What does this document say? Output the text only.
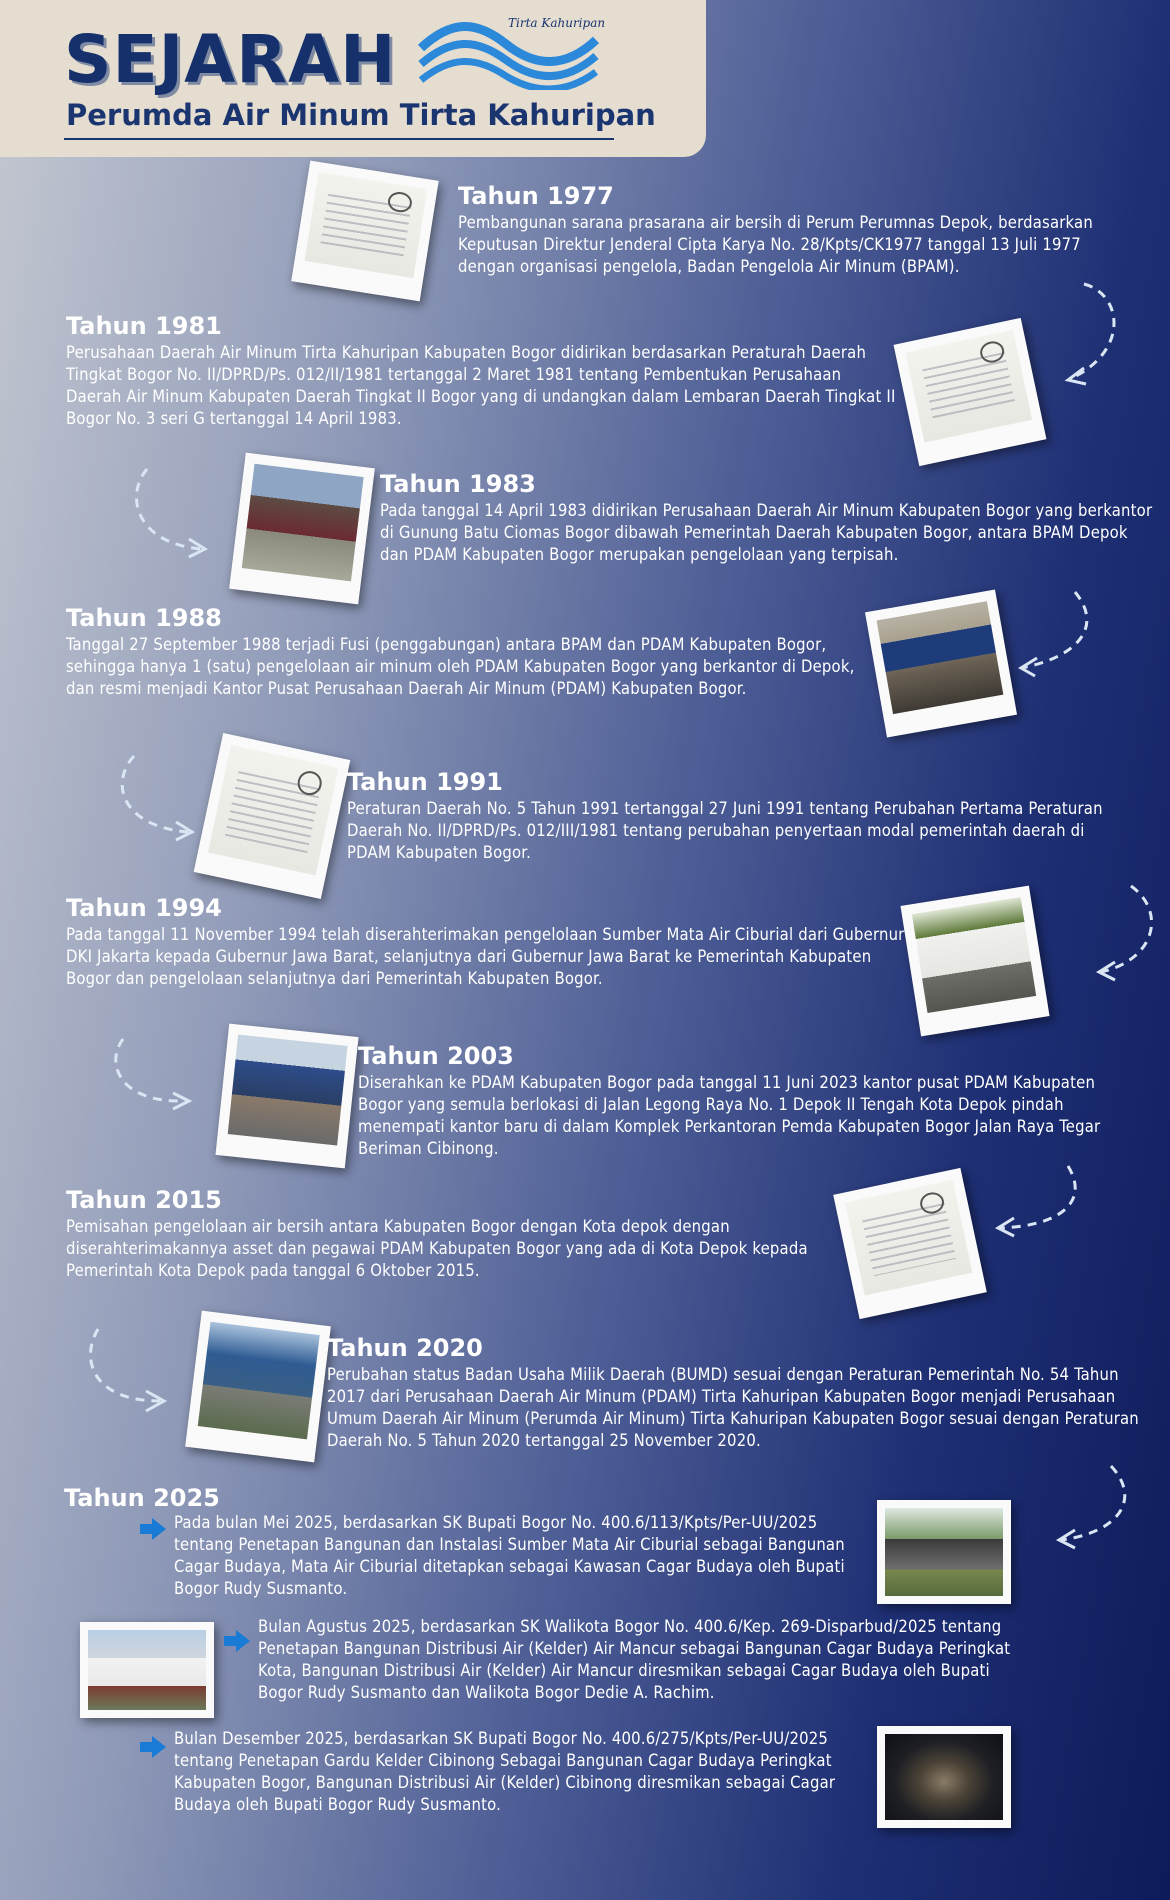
SEJARAH	Tirta Kahuripan
Perumda Air Minum Tirta Kahuripan
Tahun 1977

Pembangunan sarana prasarana air bersih di Perum Perumnas Depok, berdasarkan Keputusan Direktur Jenderal Cipta Karya No. 28/Kpts/CK1977 tanggal 13 Juli 1977 dengan organisasi pengelola, Badan Pengelola Air Minum (BPAM).

Tahun 1981

Perusahaan Daerah Air Minum Tirta Kahuripan Kabupaten Bogor didirikan berdasarkan Peraturah Daerah Tingkat Bogor No. II/DPRD/Ps. 012/II/1981 tertanggal 2 Maret 1981 tentang Pembentukan Perusahaan Daerah Air Minum Kabupaten Daerah Tingkat II Bogor yang di undangkan dalam Lembaran Daerah Tingkat II Bogor No. 3 seri G tertanggal 14 April 1983.

Tahun 1983

Pada tanggal 14 April 1983 didirikan Perusahaan Daerah Air Minum Kabupaten Bogor yang berkantor di Gunung Batu Ciomas Bogor dibawah Pemerintah Daerah Kabupaten Bogor, antara BPAM Depok dan PDAM Kabupaten Bogor merupakan pengelolaan yang terpisah.

Tahun 1988

Tanggal 27 September 1988 terjadi Fusi (penggabungan) antara BPAM dan PDAM Kabupaten Bogor, sehingga hanya 1 (satu) pengelolaan air minum oleh PDAM Kabupaten Bogor yang berkantor di Depok, dan resmi menjadi Kantor Pusat Perusahaan Daerah Air Minum (PDAM) Kabupaten Bogor.

Tahun 1991

Peraturan Daerah No. 5 Tahun 1991 tertanggal 27 Juni 1991 tentang Perubahan Pertama Peraturan Daerah No. II/DPRD/Ps. 012/III/1981 tentang perubahan penyertaan modal pemerintah daerah di PDAM Kabupaten Bogor.

Tahun 1994

Pada tanggal 11 November 1994 telah diserahterimakan pengelolaan Sumber Mata Air Ciburial dari Gubernur DKI Jakarta kepada Gubernur Jawa Barat, selanjutnya dari Gubernur Jawa Barat ke Pemerintah Kabupaten Bogor dan pengelolaan selanjutnya dari Pemerintah Kabupaten Bogor.

Tahun 2003

Diserahkan ke PDAM Kabupaten Bogor pada tanggal 11 Juni 2023 kantor pusat PDAM Kabupaten Bogor yang semula berlokasi di Jalan Legong Raya No. 1 Depok II Tengah Kota Depok pindah menempati kantor baru di dalam Komplek Perkantoran Pemda Kabupaten Bogor Jalan Raya Tegar Beriman Cibinong.

Tahun 2015

Pemisahan pengelolaan air bersih antara Kabupaten Bogor dengan Kota depok dengan diserahterimakannya asset dan pegawai PDAM Kabupaten Bogor yang ada di Kota Depok kepada Pemerintah Kota Depok pada tanggal 6 Oktober 2015.

Tahun 2020

Perubahan status Badan Usaha Milik Daerah (BUMD) sesuai dengan Peraturan Pemerintah No. 54 Tahun 2017 dari Perusahaan Daerah Air Minum (PDAM) Tirta Kahuripan Kabupaten Bogor menjadi Perusahaan Umum Daerah Air Minum (Perumda Air Minum) Tirta Kahuripan Kabupaten Bogor sesuai dengan Peraturan Daerah No. 5 Tahun 2020 tertanggal 25 November 2020.

Tahun 2025

Pada bulan Mei 2025, berdasarkan SK Bupati Bogor No. 400.6/113/Kpts/Per-UU/2025 tentang Penetapan Bangunan dan Instalasi Sumber Mata Air Ciburial sebagai Bangunan Cagar Budaya, Mata Air Ciburial ditetapkan sebagai Kawasan Cagar Budaya oleh Bupati Bogor Rudy Susmanto.

Bulan Agustus 2025, berdasarkan SK Walikota Bogor No. 400.6/Kep. 269-Disparbud/2025 tentang Penetapan Bangunan Distribusi Air (Kelder) Air Mancur sebagai Bangunan Cagar Budaya Peringkat Kota, Bangunan Distribusi Air (Kelder) Air Mancur diresmikan sebagai Cagar Budaya oleh Bupati Bogor Rudy Susmanto dan Walikota Bogor Dedie A. Rachim.

Bulan Desember 2025, berdasarkan SK Bupati Bogor No. 400.6/275/Kpts/Per-UU/2025 tentang Penetapan Gardu Kelder Cibinong Sebagai Bangunan Cagar Budaya Peringkat Kabupaten Bogor, Bangunan Distribusi Air (Kelder) Cibinong diresmikan sebagai Cagar Budaya oleh Bupati Bogor Rudy Susmanto.
